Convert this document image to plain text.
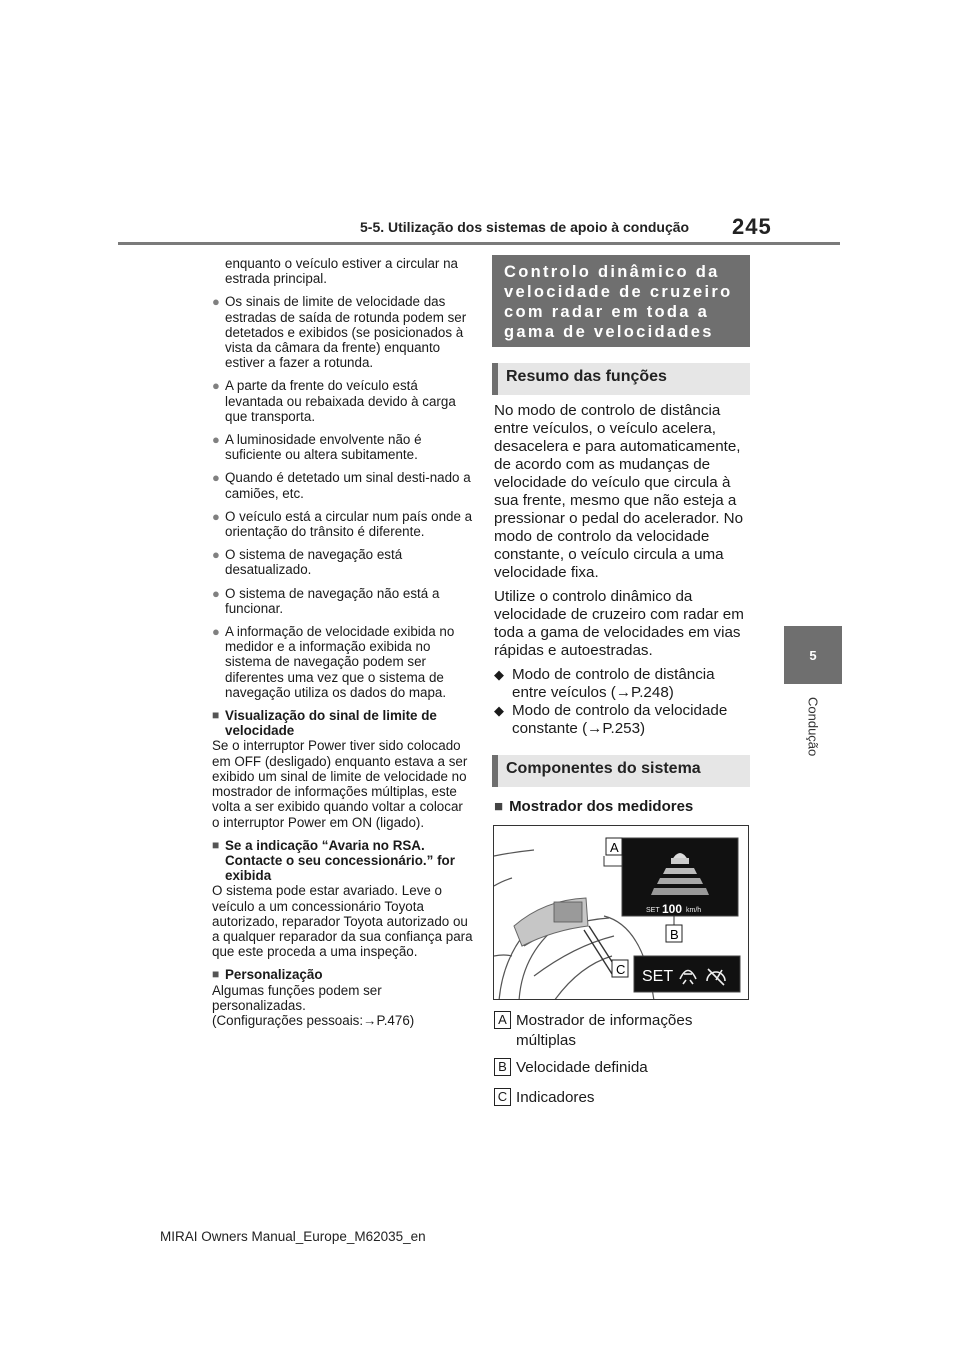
5-5. Utilização dos sistemas de apoio à condução 245
5
Condução

enquanto o veículo estiver a circular na estrada principal.

● Os sinais de limite de velocidade das estradas de saída de rotunda podem ser detetados e exibidos (se posicionados à vista da câmara da frente) enquanto estiver a fazer a rotunda.

● A parte da frente do veículo está levantada ou rebaixada devido à carga que transporta.

● A luminosidade envolvente não é suficiente ou altera subitamente.

● Quando é detetado um sinal desti-nado a camiões, etc.

● O veículo está a circular num país onde a orientação do trânsito é diferente.

● O sistema de navegação está desatualizado.

● O sistema de navegação não está a funcionar.

● A informação de velocidade exibida no medidor e a informação exibida no sistema de navegação podem ser diferentes uma vez que o sistema de navegação utiliza os dados do mapa.

■ Visualização do sinal de limite de velocidade

Se o interruptor Power tiver sido colocado em OFF (desligado) enquanto estava a ser exibido um sinal de limite de velocidade no mostrador de informações múltiplas, este volta a ser exibido quando voltar a colocar o interruptor Power em ON (ligado).

■ Se a indicação “Avaria no RSA. Contacte o seu concessionário.” for exibida

O sistema pode estar avariado. Leve o veículo a um concessionário Toyota autorizado, reparador Toyota autorizado ou a qualquer reparador da sua confiança para que este proceda a uma inspeção.

■ Personalização

Algumas funções podem ser personalizadas.

(Configurações pessoais:→P.476)

Controlo dinâmico da velocidade de cruzeiro com radar em toda a gama de velocidades
Resumo das funções

No modo de controlo de distância entre veículos, o veículo acelera, desacelera e para automaticamente, de acordo com as mudanças de velocidade do veículo que circula à sua frente, mesmo que não esteja a pressionar o pedal do acelerador. No modo de controlo da velocidade constante, o veículo circula a uma velocidade fixa.

Utilize o controlo dinâmico da velocidade de cruzeiro com radar em toda a gama de velocidades em vias rápidas e autoestradas.

◆ Modo de controlo de distância entre veículos (→P.248)

◆ Modo de controlo da velocidade constante (→P.253)

Componentes do sistema
■ Mostrador dos medidores
SET 100 km/h
A
B
C SET
A Mostrador de informações múltiplas
B Velocidade definida
C Indicadores
MIRAI Owners Manual_Europe_M62035_en
